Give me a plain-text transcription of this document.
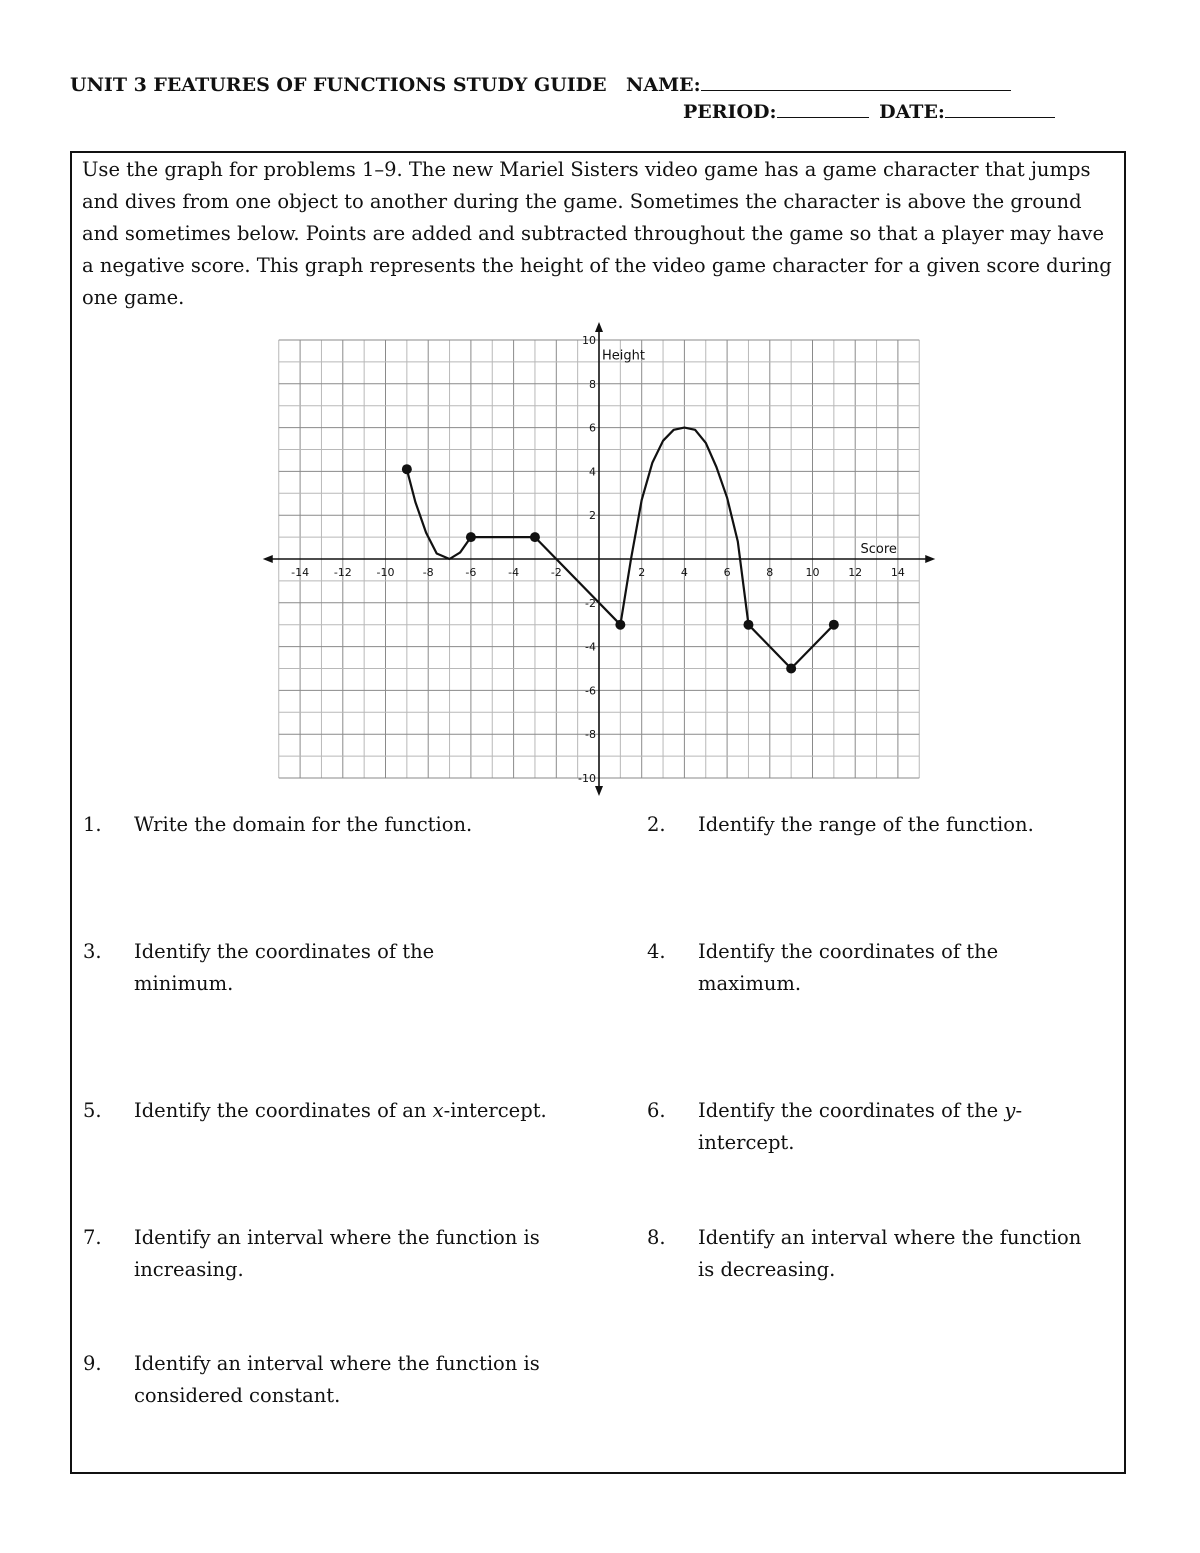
UNIT 3 FEATURES OF FUNCTIONS STUDY GUIDE NAME:
PERIOD:	DATE:

Use the graph for problems 1–9. The new Mariel Sisters video game has a game character that jumps and dives from one object to another during the game. Sometimes the character is above the ground and sometimes below. Points are added and subtracted throughout the game so that a player may have a negative score. This graph represents the height of the video game character for a given score during one game.

-14 -12 -10	-8	-6	-4	-2	2	4	6	8	10	12	14
10
8
6
4
2
-2
-4
-6
-8
-10
Score
Height
1. Write the domain for the function.	2. Identify the range of the function.
3. Identify the coordinates of the minimum.
4. Identify the coordinates of the maximum.
5. Identify the coordinates of an x-intercept.	6. Identify the coordinates of the y-intercept.
7. Identify an interval where the function is increasing.
8. Identify an interval where the function is decreasing.
9. Identify an interval where the function is considered constant.
